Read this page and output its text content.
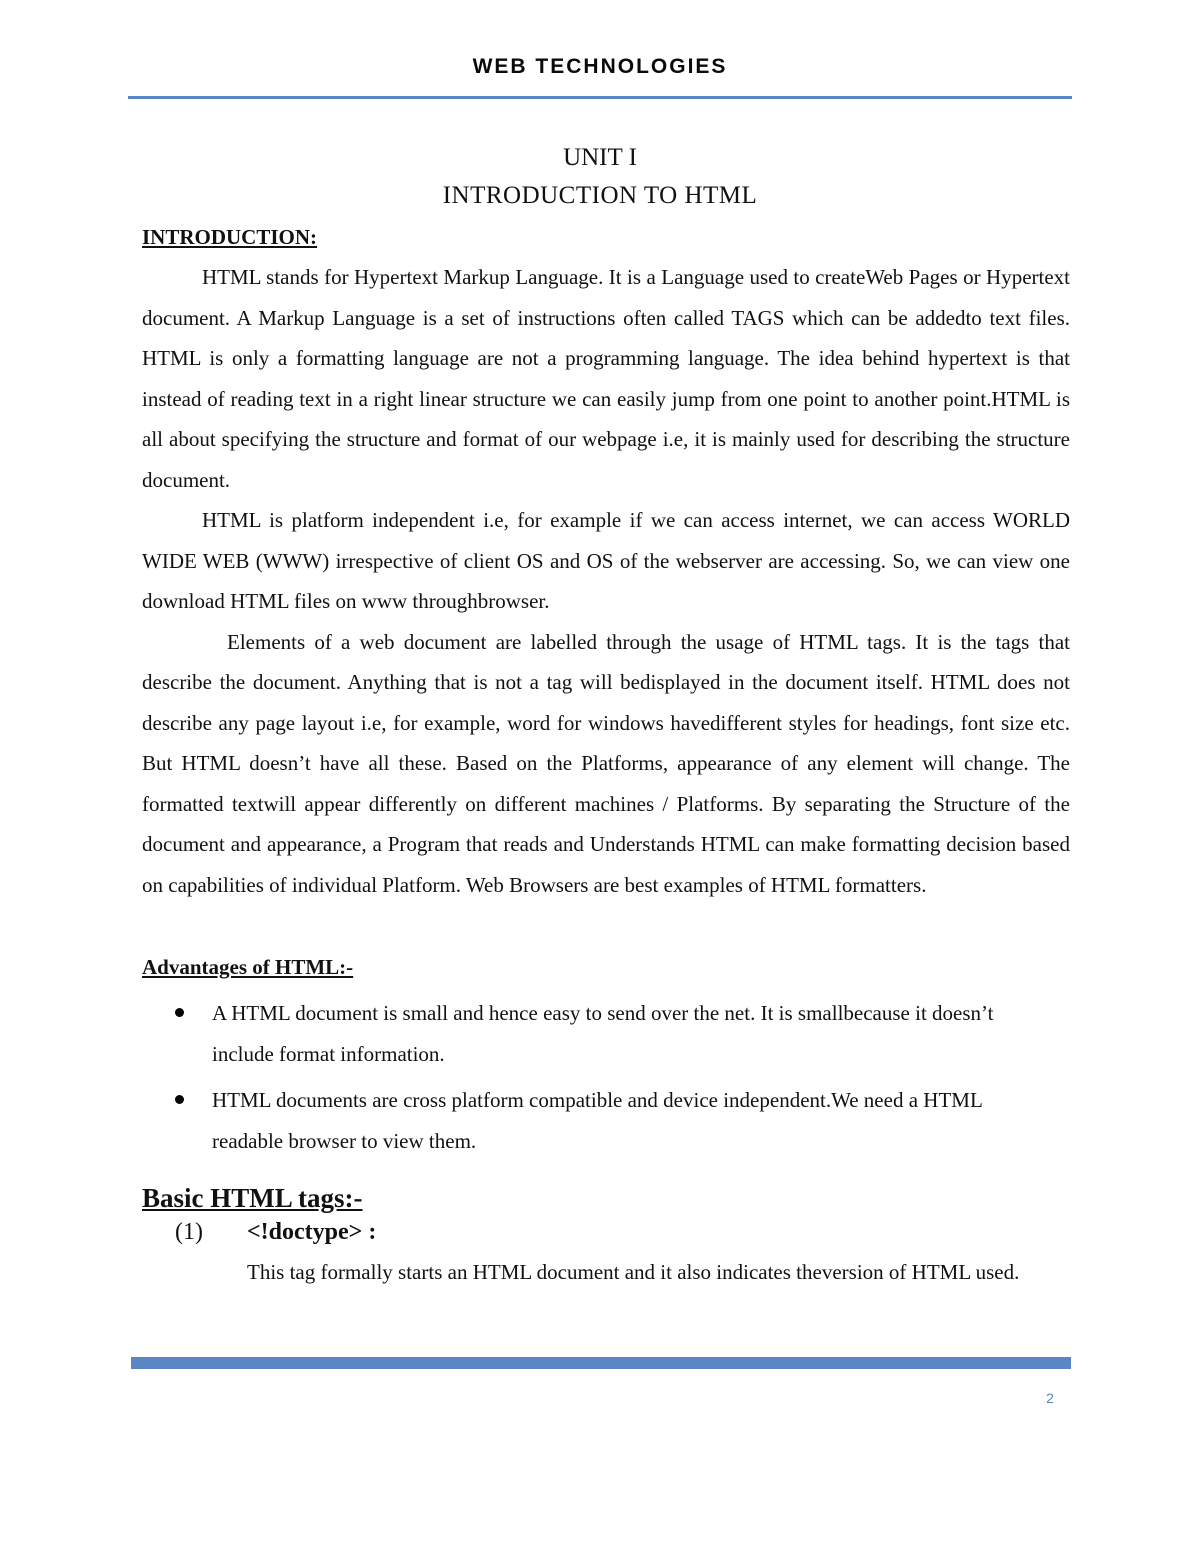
WEB TECHNOLOGIES
UNIT I
INTRODUCTION TO HTML
INTRODUCTION:

HTML stands for Hypertext Markup Language. It is a Language used to createWeb Pages or Hypertext document. A Markup Language is a set of instructions often called TAGS which can be addedto text files. HTML is only a formatting language are not a programming language. The idea behind hypertext is that instead of reading text in a right linear structure we can easily jump from one point to another point.HTML is all about specifying the structure and format of our webpage i.e, it is mainly used for describing the structure document.

HTML is platform independent i.e, for example if we can access internet, we can access WORLD WIDE WEB (WWW) irrespective of client OS and OS of the webserver are accessing. So, we can view one download HTML files on www throughbrowser.

Elements of a web document are labelled through the usage of HTML tags. It is the tags that describe the document. Anything that is not a tag will bedisplayed in the document itself. HTML does not describe any page layout i.e, for example, word for windows havedifferent styles for headings, font size etc. But HTML doesn’t have all these. Based on the Platforms, appearance of any element will change. The formatted textwill appear differently on different machines / Platforms. By separating the Structure of the document and appearance, a Program that reads and Understands HTML can make formatting decision based on capabilities of individual Platform. Web Browsers are best examples of HTML formatters.

Advantages of HTML:-
A HTML document is small and hence easy to send over the net. It is smallbecause it doesn’t include format information.
HTML documents are cross platform compatible and device independent.We need a HTML readable browser to view them.
Basic HTML tags:-
(1) <!doctype> :
This tag formally starts an HTML document and it also indicates theversion of HTML used.
2
